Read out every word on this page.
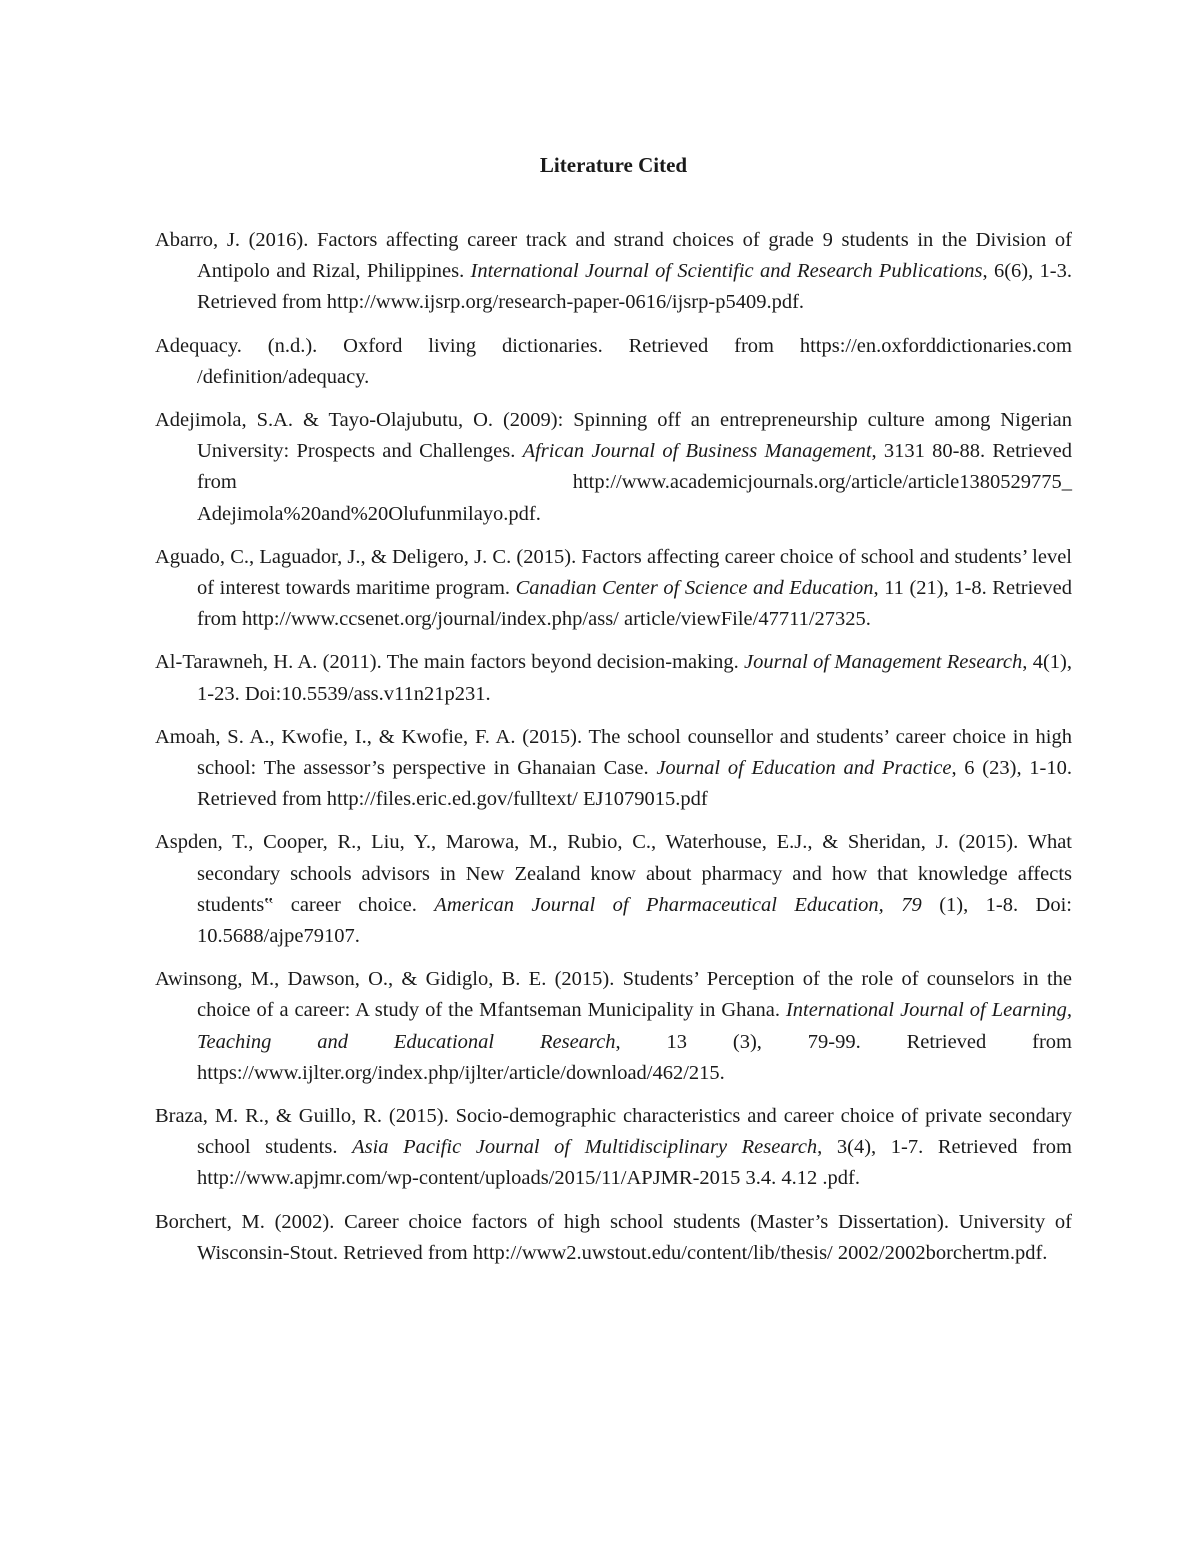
Literature Cited

Abarro, J. (2016). Factors affecting career track and strand choices of grade 9 students in the Division of Antipolo and Rizal, Philippines. International Journal of Scientific and Research Publications, 6(6), 1-3. Retrieved from http://www.ijsrp.org/research-paper-0616/ijsrp-p5409.pdf.

Adequacy. (n.d.). Oxford living dictionaries. Retrieved from https://en.oxforddictionaries.com /definition/adequacy.

Adejimola, S.A. & Tayo-Olajubutu, O. (2009): Spinning off an entrepreneurship culture among Nigerian University: Prospects and Challenges. African Journal of Business Management, 3131 80-88. Retrieved from http://www.academicjournals.org/article/article1380529775_ Adejimola%20and%20Olufunmilayo.pdf.

Aguado, C., Laguador, J., & Deligero, J. C. (2015). Factors affecting career choice of school and students’ level of interest towards maritime program. Canadian Center of Science and Education, 11 (21), 1-8. Retrieved from http://www.ccsenet.org/journal/index.php/ass/ article/viewFile/47711/27325.

Al-Tarawneh, H. A. (2011). The main factors beyond decision-making. Journal of Management Research, 4(1), 1-23. Doi:10.5539/ass.v11n21p231.

Amoah, S. A., Kwofie, I., & Kwofie, F. A. (2015). The school counsellor and students’ career choice in high school: The assessor’s perspective in Ghanaian Case. Journal of Education and Practice, 6 (23), 1-10. Retrieved from http://files.eric.ed.gov/fulltext/ EJ1079015.pdf

Aspden, T., Cooper, R., Liu, Y., Marowa, M., Rubio, C., Waterhouse, E.J., & Sheridan, J. (2015). What secondary schools advisors in New Zealand know about pharmacy and how that knowledge affects students‟ career choice. American Journal of Pharmaceutical Education, 79 (1), 1-8. Doi: 10.5688/ajpe79107.

Awinsong, M., Dawson, O., & Gidiglo, B. E. (2015). Students’ Perception of the role of counselors in the choice of a career: A study of the Mfantseman Municipality in Ghana. International Journal of Learning, Teaching and Educational Research, 13 (3), 79-99. Retrieved from https://www.ijlter.org/index.php/ijlter/article/download/462/215.

Braza, M. R., & Guillo, R. (2015). Socio-demographic characteristics and career choice of private secondary school students. Asia Pacific Journal of Multidisciplinary Research, 3(4), 1-7. Retrieved from http://www.apjmr.com/wp-content/uploads/2015/11/APJMR-2015 3.4. 4.12 .pdf.

Borchert, M. (2002). Career choice factors of high school students (Master’s Dissertation). University of Wisconsin-Stout. Retrieved from http://www2.uwstout.edu/content/lib/thesis/ 2002/2002borchertm.pdf.
